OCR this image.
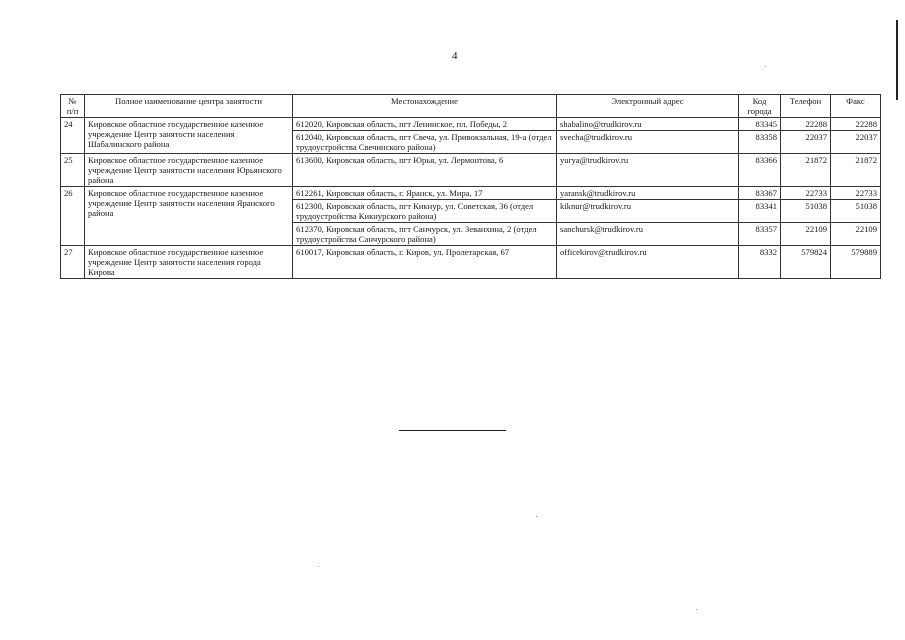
4
№ п/п	Полное наименование центра занятости	Местонахождение	Электронный адрес	Код города	Телефон	Факс
24	Кировское областное государственное казенное учреждение Центр занятости населения Шабалинского района	612020, Кировская область, пгт Ленинское, пл. Победы, 2	shabalino@trudkirov.ru	83345	22288	22288
		612040, Кировская область, пгт Свеча, ул. Привокзальная, 19-а (отдел трудоустройства Свечинского района)	svecha@trudkirov.ru	83358	22037	22037
25	Кировское областное государственное казенное учреждение Центр занятости населения Юрьянского района	613600, Кировская область, пгт Юрья, ул. Лермонтова, 6	yurya@trudkirov.ru	83366	21872	21872
26	Кировское областное государственное казенное учреждение Центр занятости населения Яранского района	612261, Кировская область, г. Яранск, ул. Мира, 17	yaransk@trudkirov.ru	83367	22733	22733
		612300, Кировская область, пгт Кикнур, ул. Советская, 36 (отдел трудоустройства Кикнурского района)	kiknur@trudkirov.ru	83341	51038	51038
		612370, Кировская область, пгт Санчурск, ул. Зеванхина, 2 (отдел трудоустройства Санчурского района)	sanchursk@trudkirov.ru	83357	22109	22109
27	Кировское областное государственное казенное учреждение Центр занятости населения города Кирова	610017, Кировская область, г. Киров, ул. Пролетарская, 67	officekirov@trudkirov.ru	8332	579824	579889
